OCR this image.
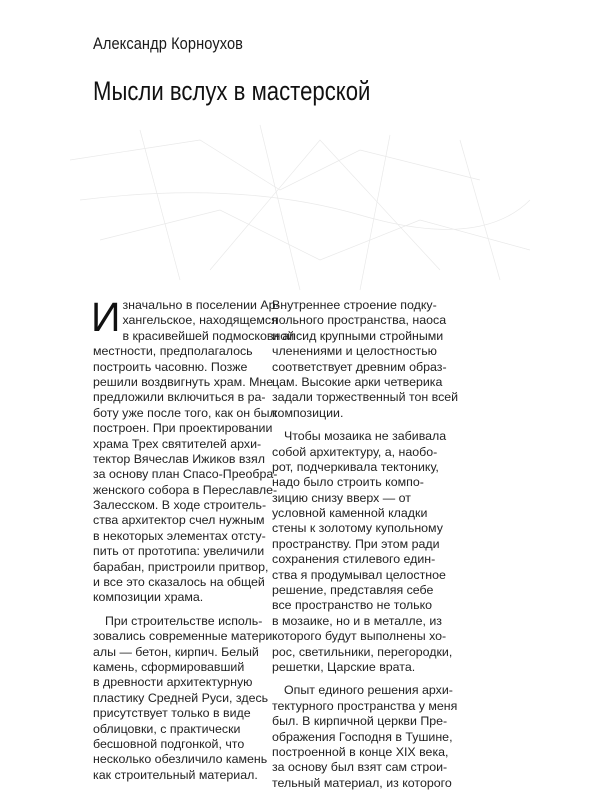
Александр Корноухов
Мысли вслух в мастерской
И значально в поселении Ар-
хангельское, находящемся
в красивейшей подмосковной
местности, предполагалось
построить часовню. Позже
решили воздвигнуть храм. Мне
предложили включиться в ра-
боту уже после того, как он был
построен. При проектировании
храма Трех святителей архи-
тектор Вячеслав Ижиков взял
за основу план Спасо-Преобра-
женского собора в Переславле-
Залесском. В ходе строитель-
ства архитектор счел нужным
в некоторых элементах отсту-
пить от прототипа: увеличили
барабан, пристроили притвор,
и все это сказалось на общей
композиции храма.
При строительстве исполь-
зовались современные матери-
алы — бетон, кирпич. Белый
камень, сформировавший
в древности архитектурную
пластику Средней Руси, здесь
присутствует только в виде
облицовки, с практически
бесшовной подгонкой, что
несколько обезличило камень
как строительный материал.
Внутреннее строение подку-
польного пространства, наоса
и апсид крупными стройными
членениями и целостностью
соответствует древним образ-
цам. Высокие арки четверика
задали торжественный тон всей
композиции.
Чтобы мозаика не забивала
собой архитектуру, а, наобо-
рот, подчеркивала тектонику,
надо было строить компо-
зицию снизу вверх — от
условной каменной кладки
стены к золотому купольному
пространству. При этом ради
сохранения стилевого един-
ства я продумывал целостное
решение, представляя себе
все пространство не только
в мозаике, но и в металле, из
которого будут выполнены хо-
рос, светильники, перегородки,
решетки, Царские врата.
Опыт единого решения архи-
тектурного пространства у меня
был. В кирпичной церкви Пре-
ображения Господня в Тушине,
построенной в конце XIX века,
за основу был взят сам строи-
тельный материал, из которого
